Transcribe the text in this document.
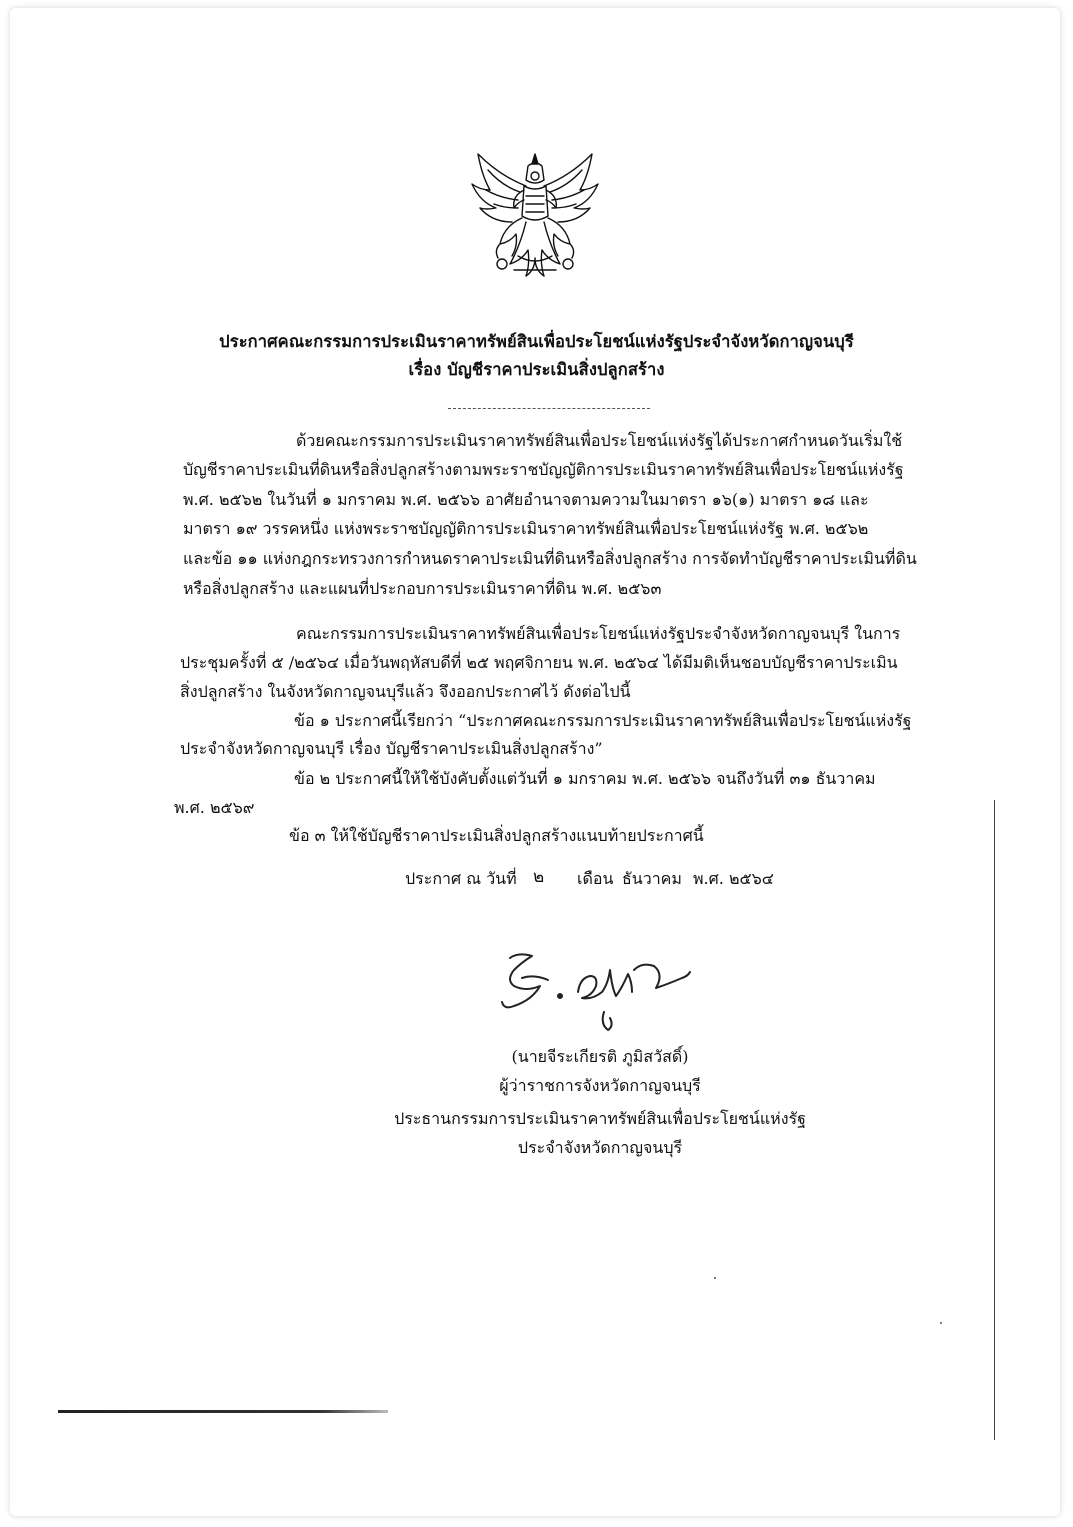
ประกาศคณะกรรมการประเมินราคาทรัพย์สินเพื่อประโยชน์แห่งรัฐประจำจังหวัดกาญจนบุรี
เรื่อง บัญชีราคาประเมินสิ่งปลูกสร้าง
ด้วยคณะกรรมการประเมินราคาทรัพย์สินเพื่อประโยชน์แห่งรัฐได้ประกาศกำหนดวันเริ่มใช้
บัญชีราคาประเมินที่ดินหรือสิ่งปลูกสร้างตามพระราชบัญญัติการประเมินราคาทรัพย์สินเพื่อประโยชน์แห่งรัฐ
พ.ศ. ๒๕๖๒ ในวันที่ ๑ มกราคม พ.ศ. ๒๕๖๖ อาศัยอำนาจตามความในมาตรา ๑๖(๑) มาตรา ๑๘ และ
มาตรา ๑๙ วรรคหนึ่ง แห่งพระราชบัญญัติการประเมินราคาทรัพย์สินเพื่อประโยชน์แห่งรัฐ พ.ศ. ๒๕๖๒
และข้อ ๑๑ แห่งกฎกระทรวงการกำหนดราคาประเมินที่ดินหรือสิ่งปลูกสร้าง การจัดทำบัญชีราคาประเมินที่ดิน
หรือสิ่งปลูกสร้าง และแผนที่ประกอบการประเมินราคาที่ดิน พ.ศ. ๒๕๖๓
คณะกรรมการประเมินราคาทรัพย์สินเพื่อประโยชน์แห่งรัฐประจำจังหวัดกาญจนบุรี ในการ
ประชุมครั้งที่ ๕ /๒๕๖๔ เมื่อวันพฤหัสบดีที่ ๒๕ พฤศจิกายน พ.ศ. ๒๕๖๔ ได้มีมติเห็นชอบบัญชีราคาประเมิน
สิ่งปลูกสร้าง ในจังหวัดกาญจนบุรีแล้ว จึงออกประกาศไว้ ดังต่อไปนี้
ข้อ ๑ ประกาศนี้เรียกว่า “ประกาศคณะกรรมการประเมินราคาทรัพย์สินเพื่อประโยชน์แห่งรัฐ
ประจำจังหวัดกาญจนบุรี เรื่อง บัญชีราคาประเมินสิ่งปลูกสร้าง”
ข้อ ๒ ประกาศนี้ให้ใช้บังคับตั้งแต่วันที่ ๑ มกราคม พ.ศ. ๒๕๖๖ จนถึงวันที่ ๓๑ ธันวาคม
พ.ศ. ๒๕๖๙
ข้อ ๓ ให้ใช้บัญชีราคาประเมินสิ่งปลูกสร้างแนบท้ายประกาศนี้
ประกาศ ณ วันที่ ๒ เดือน ธันวาคม พ.ศ. ๒๕๖๔
(นายจีระเกียรติ ภูมิสวัสดิ์)
ผู้ว่าราชการจังหวัดกาญจนบุรี
ประธานกรรมการประเมินราคาทรัพย์สินเพื่อประโยชน์แห่งรัฐ
ประจำจังหวัดกาญจนบุรี
